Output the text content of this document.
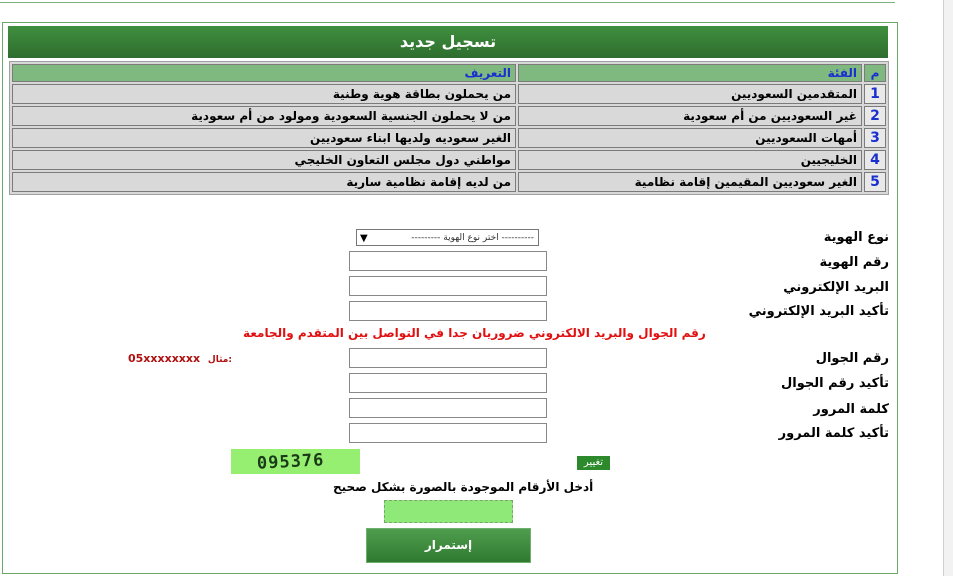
تسجيل جديد
م	الفئة	التعريف
1	المتقدمين السعوديين	من يحملون بطاقة هوية وطنية
2	غير السعوديين من أم سعودية	من لا يحملون الجنسية السعودية ومولود من أم سعودية
3	أمهات السعوديين	الغير سعوديه ولديها ابناء سعوديين
4	الخليجيين	مواطني دول مجلس التعاون الخليجي
5	الغير سعوديين المقيمين إقامة نظامية	من لديه إقامة نظامية سارية
نوع الهوية
رقم الهوية
البريد الإلكتروني
تأكيد البريد الإلكتروني
رقم الجوال
تأكيد رقم الجوال
كلمة المرور
تأكيد كلمة المرور
---------- اختر نوع الهوية ---------
▼
رقم الجوال والبريد الالكتروني ضروريان جدا في التواصل بين المتقدم والجامعة
05xxxxxxxx مثال:
095376	تغيير
أدخل الأرقام الموجودة بالصورة بشكل صحيح
إستمرار
